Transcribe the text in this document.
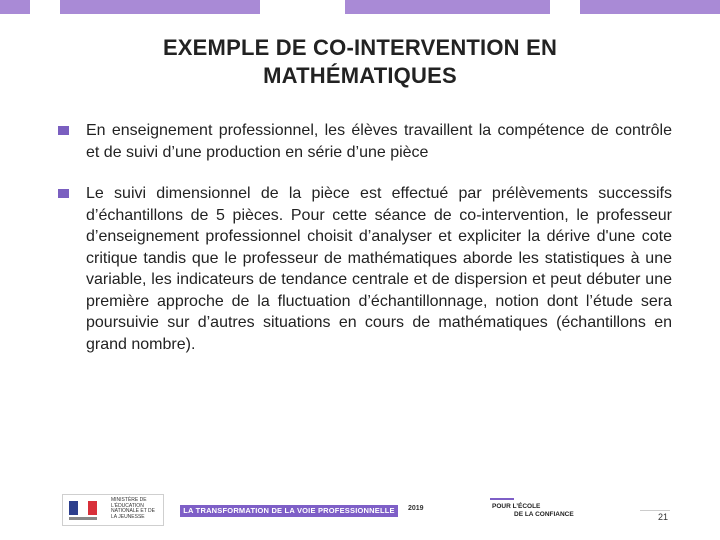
EXEMPLE DE CO-INTERVENTION EN
MATHÉMATIQUES
En enseignement professionnel, les élèves travaillent la compétence de contrôle et de suivi d’une production en série d’une pièce
Le suivi dimensionnel de la pièce est effectué par prélèvements successifs d’échantillons de 5 pièces. Pour cette séance de co-intervention, le professeur d’enseignement professionnel choisit d’analyser et expliciter la dérive d'une cote critique tandis que le professeur de mathématiques aborde les statistiques à une variable, les indicateurs de tendance centrale et de dispersion et peut débuter une première approche de la fluctuation d’échantillonnage, notion dont l’étude sera poursuivie sur d’autres situations en cours de mathématiques (échantillons en grand nombre).
MINISTÈRE DE L'ÉDUCATION NATIONALE ET DE LA JEUNESSE
LA TRANSFORMATION DE LA VOIE PROFESSIONNELLE	2019	POUR L’ÉCOLE
DE LA CONFIANCE	21
